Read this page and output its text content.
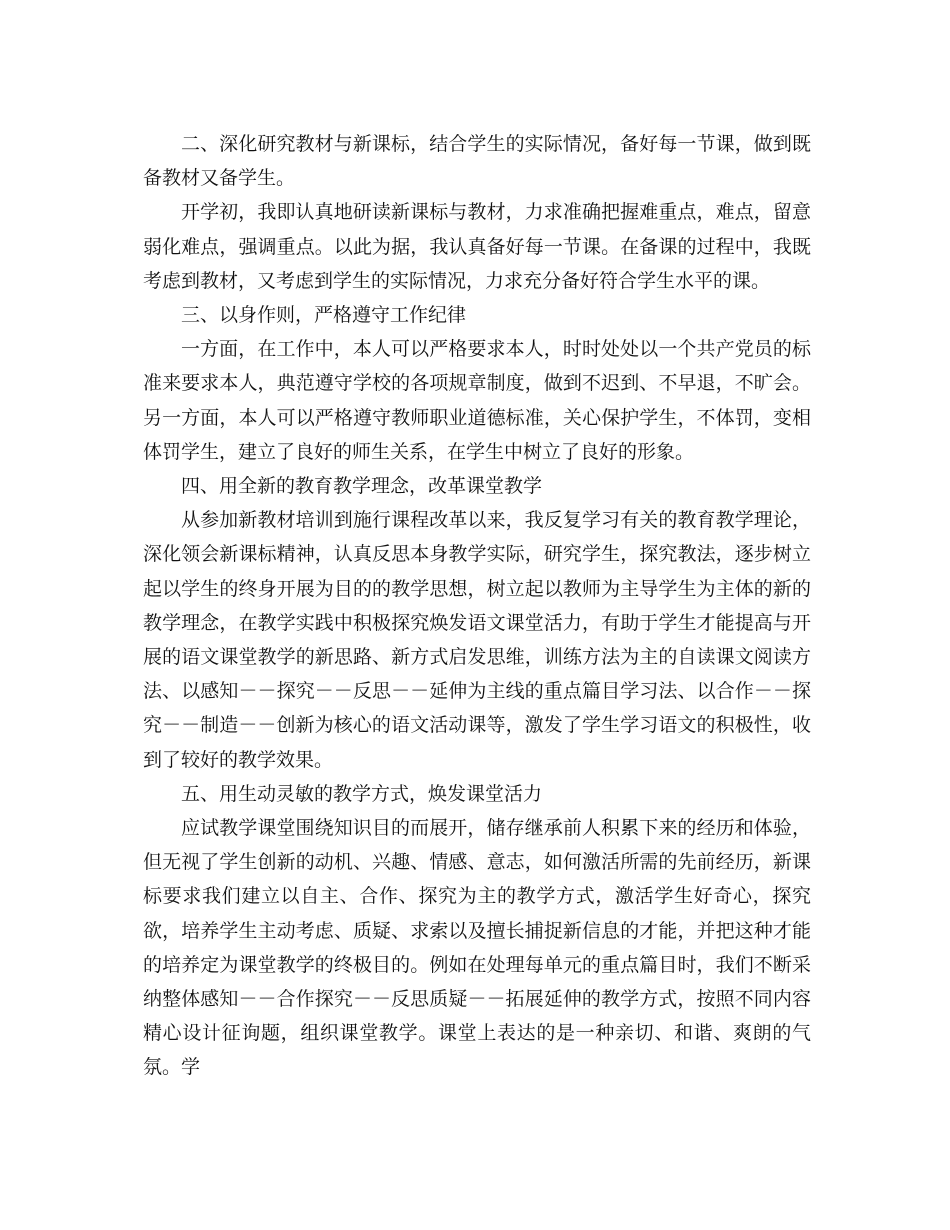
二、深化研究教材与新课标，结合学生的实际情况，备好每一节课，做到既备教材又备学生。

开学初，我即认真地研读新课标与教材，力求准确把握难重点，难点，留意弱化难点，强调重点。以此为据，我认真备好每一节课。在备课的过程中，我既考虑到教材，又考虑到学生的实际情况，力求充分备好符合学生水平的课。

三、以身作则，严格遵守工作纪律

一方面，在工作中，本人可以严格要求本人，时时处处以一个共产党员的标准来要求本人，典范遵守学校的各项规章制度，做到不迟到、不早退，不旷会。另一方面，本人可以严格遵守教师职业道德标准，关心保护学生，不体罚，变相体罚学生，建立了良好的师生关系，在学生中树立了良好的形象。

四、用全新的教育教学理念，改革课堂教学

从参加新教材培训到施行课程改革以来，我反复学习有关的教育教学理论，深化领会新课标精神，认真反思本身教学实际，研究学生，探究教法，逐步树立起以学生的终身开展为目的的教学思想，树立起以教师为主导学生为主体的新的教学理念，在教学实践中积极探究焕发语文课堂活力，有助于学生才能提高与开展的语文课堂教学的新思路、新方式启发思维，训练方法为主的自读课文阅读方法、以感知－－探究－－反思－－延伸为主线的重点篇目学习法、以合作－－探究－－制造－－创新为核心的语文活动课等，激发了学生学习语文的积极性，收到了较好的教学效果。

五、用生动灵敏的教学方式，焕发课堂活力

应试教学课堂围绕知识目的而展开，储存继承前人积累下来的经历和体验，但无视了学生创新的动机、兴趣、情感、意志，如何激活所需的先前经历，新课标要求我们建立以自主、合作、探究为主的教学方式，激活学生好奇心，探究欲，培养学生主动考虑、质疑、求索以及擅长捕捉新信息的才能，并把这种才能的培养定为课堂教学的终极目的。例如在处理每单元的重点篇目时，我们不断采纳整体感知－－合作探究－－反思质疑－－拓展延伸的教学方式，按照不同内容精心设计征询题，组织课堂教学。课堂上表达的是一种亲切、和谐、爽朗的气氛。学
